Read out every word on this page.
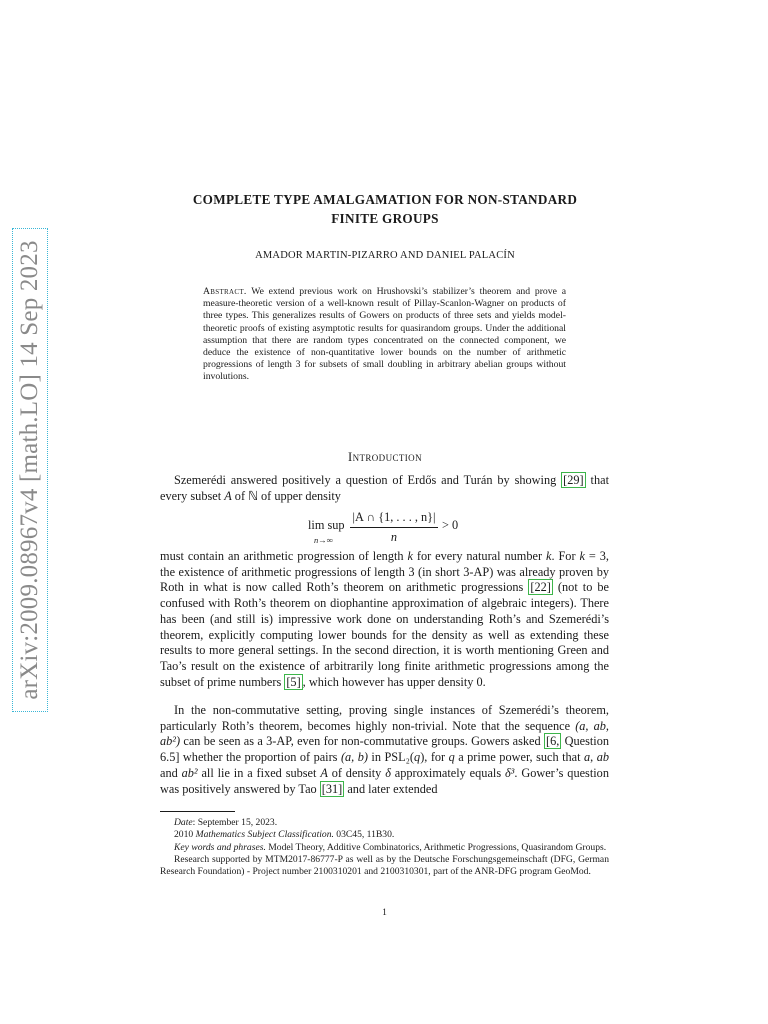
arXiv:2009.08967v4 [math.LO] 14 Sep 2023
COMPLETE TYPE AMALGAMATION FOR NON-STANDARD
FINITE GROUPS
AMADOR MARTIN-PIZARRO AND DANIEL PALACÍN
Abstract. We extend previous work on Hrushovski’s stabilizer’s theorem and prove a measure-theoretic version of a well-known result of Pillay-Scanlon-Wagner on products of three types. This generalizes results of Gowers on products of three sets and yields model-theoretic proofs of existing asymptotic results for quasirandom groups. Under the additional assumption that there are random types concentrated on the connected component, we deduce the existence of non-quantitative lower bounds on the number of arithmetic progressions of length 3 for subsets of small doubling in arbitrary abelian groups without involutions.
Introduction
Szemerédi answered positively a question of Erdős and Turán by showing [29] that every subset A of ℕ of upper density
lim sup
n→∞
|A ∩ {1, . . . , n}|
n
> 0
must contain an arithmetic progression of length k for every natural number k. For k = 3, the existence of arithmetic progressions of length 3 (in short 3-AP) was already proven by Roth in what is now called Roth’s theorem on arithmetic progressions [22] (not to be confused with Roth’s theorem on diophantine approximation of algebraic integers). There has been (and still is) impressive work done on understanding Roth’s and Szemerédi’s theorem, explicitly computing lower bounds for the density as well as extending these results to more general settings. In the second direction, it is worth mentioning Green and Tao’s result on the existence of arbitrarily long finite arithmetic progressions among the subset of prime numbers [5] , which however has upper density 0.
In the non-commutative setting, proving single instances of Szemerédi’s theorem, particularly Roth’s theorem, becomes highly non-trivial. Note that the sequence (a, ab, ab²) can be seen as a 3-AP, even for non-commutative groups. Gowers asked [6, Question 6.5] whether the proportion of pairs (a, b) in PSL₂(q), for q a prime power, such that a, ab and ab² all lie in a fixed subset A of density δ approximately equals δ³. Gower’s question was positively answered by Tao [31] and later extended
Date: September 15, 2023.
2010 Mathematics Subject Classification. 03C45, 11B30.
Key words and phrases. Model Theory, Additive Combinatorics, Arithmetic Progressions, Quasirandom Groups.
Research supported by MTM2017-86777-P as well as by the Deutsche Forschungsgemeinschaft (DFG, German Research Foundation) - Project number 2100310201 and 2100310301, part of the ANR-DFG program GeoMod.
1
